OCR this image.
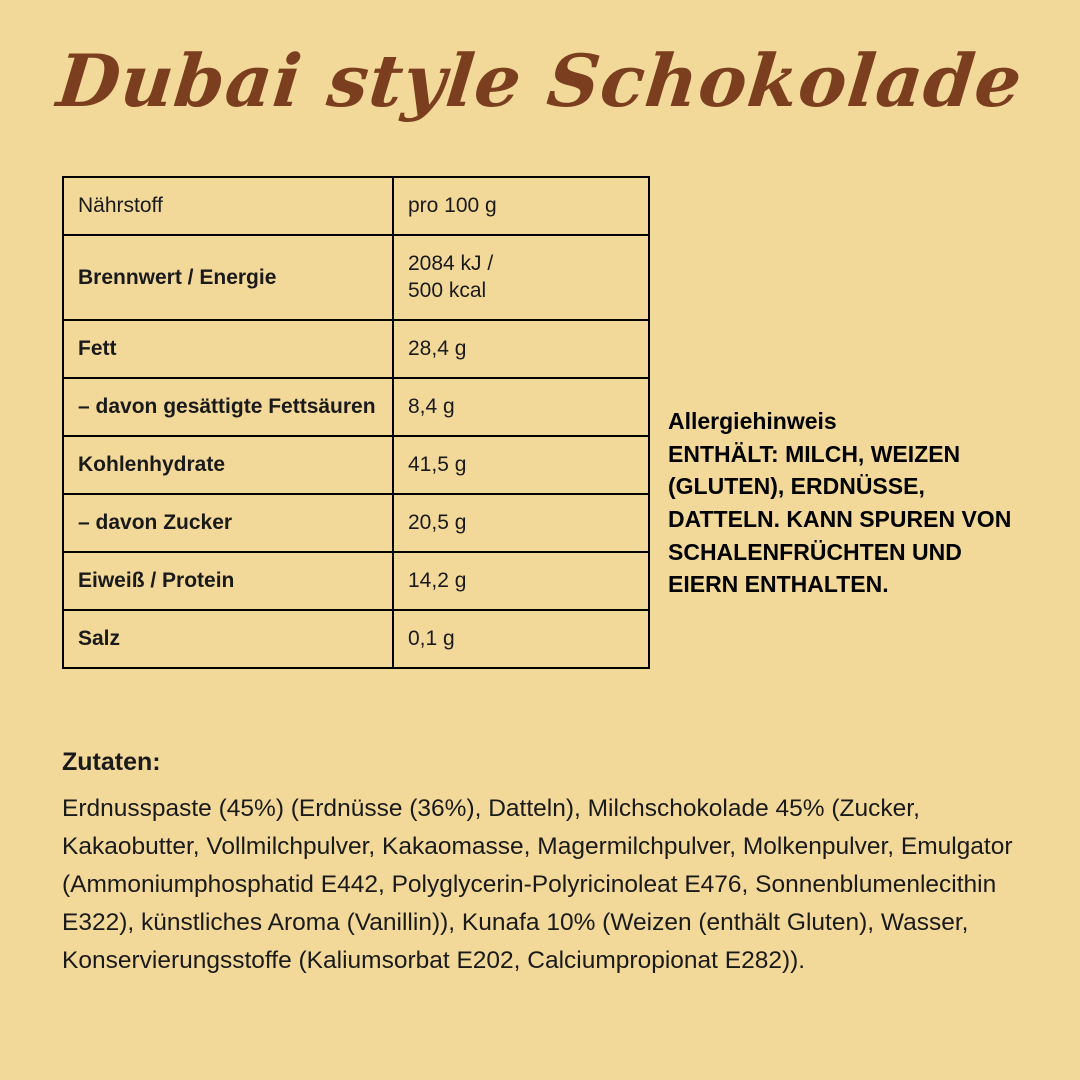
Dubai style Schokolade
Nährstoff	pro 100 g
Brennwert / Energie	2084 kJ /
500 kcal

Fett	28,4 g
– davon gesättigte Fettsäuren	8,4 g
Kohlenhydrate	41,5 g
– davon Zucker	20,5 g
Eiweiß / Protein	14,2 g
Salz	0,1 g
Allergiehinweis
ENTHÄLT: MILCH, WEIZEN (GLUTEN), ERDNÜSSE, DATTELN. KANN SPUREN VON SCHALENFRÜCHTEN UND EIERN ENTHALTEN.
Zutaten:
Erdnusspaste (45%) (Erdnüsse (36%), Datteln), Milchschokolade 45% (Zucker, Kakaobutter, Vollmilchpulver, Kakaomasse, Magermilchpulver, Molkenpulver, Emulgator (Ammoniumphosphatid E442, Polyglycerin-Polyricinoleat E476, Sonnenblumenlecithin E322), künstliches Aroma (Vanillin)), Kunafa 10% (Weizen (enthält Gluten), Wasser, Konservierungsstoffe (Kaliumsorbat E202, Calciumpropionat E282)).
